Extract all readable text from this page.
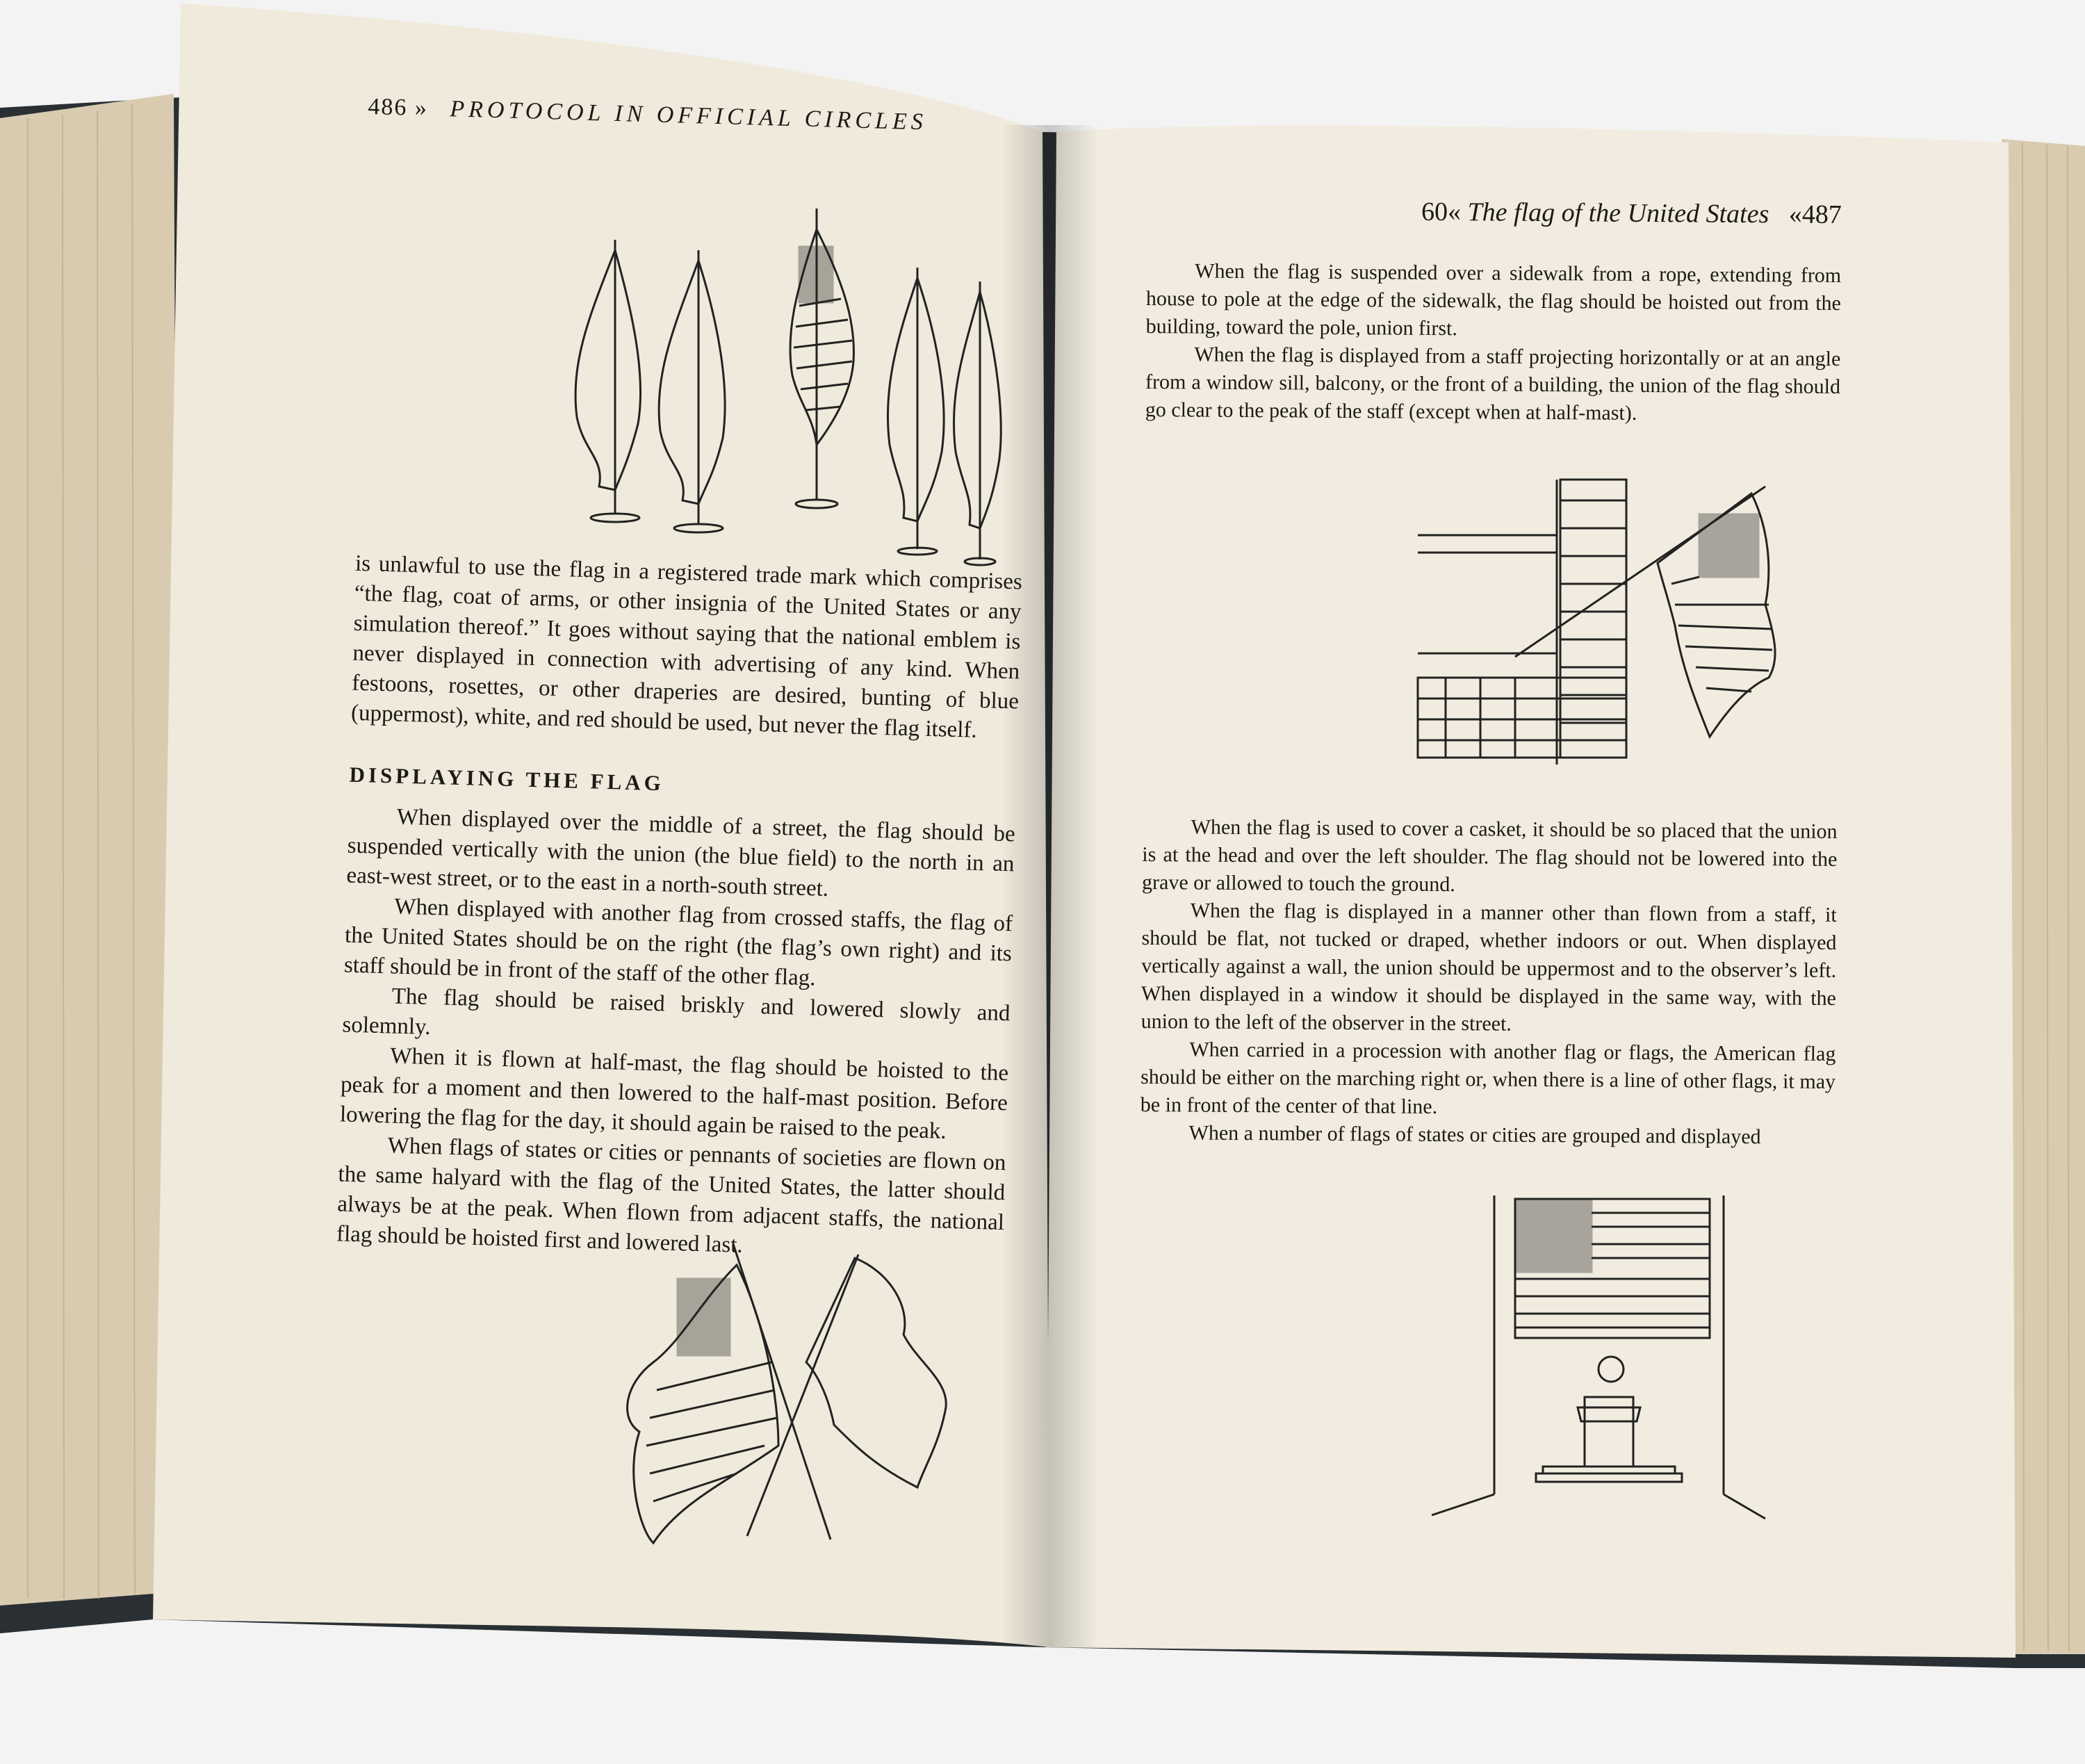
486 » PROTOCOL IN OFFICIAL CIRCLES

is unlawful to use the flag in a registered trade mark which comprises “the flag, coat of arms, or other insignia of the United States or any simulation thereof.” It goes without saying that the national emblem is never displayed in connection with advertising of any kind. When festoons, rosettes, or other draperies are desired, bunting of blue (uppermost), white, and red should be used, but never the flag itself.

DISPLAYING THE FLAG

When displayed over the middle of a street, the flag should be suspended vertically with the union (the blue field) to the north in an east-west street, or to the east in a north-south street.

When displayed with another flag from crossed staffs, the flag of the United States should be on the right (the flag’s own right) and its staff should be in front of the staff of the other flag.

The flag should be raised briskly and lowered slowly and solemnly.

When it is flown at half-mast, the flag should be hoisted to the peak for a moment and then lowered to the half-mast position. Before lowering the flag for the day, it should again be raised to the peak.

When flags of states or cities or pennants of societies are flown on the same halyard with the flag of the United States, the latter should always be at the peak. When flown from adjacent staffs, the national flag should be hoisted first and lowered last.

60« The flag of the United States «487

When the flag is suspended over a sidewalk from a rope, extending from house to pole at the edge of the sidewalk, the flag should be hoisted out from the building, toward the pole, union first.

When the flag is displayed from a staff projecting horizontally or at an angle from a window sill, balcony, or the front of a building, the union of the flag should go clear to the peak of the staff (except when at half-mast).

When the flag is used to cover a casket, it should be so placed that the union is at the head and over the left shoulder. The flag should not be lowered into the grave or allowed to touch the ground.

When the flag is displayed in a manner other than flown from a staff, it should be flat, not tucked or draped, whether indoors or out. When displayed vertically against a wall, the union should be uppermost and to the observer’s left. When displayed in a window it should be displayed in the same way, with the union to the left of the observer in the street.

When carried in a procession with another flag or flags, the American flag should be either on the marching right or, when there is a line of other flags, it may be in front of the center of that line.

When a number of flags of states or cities are grouped and displayed
